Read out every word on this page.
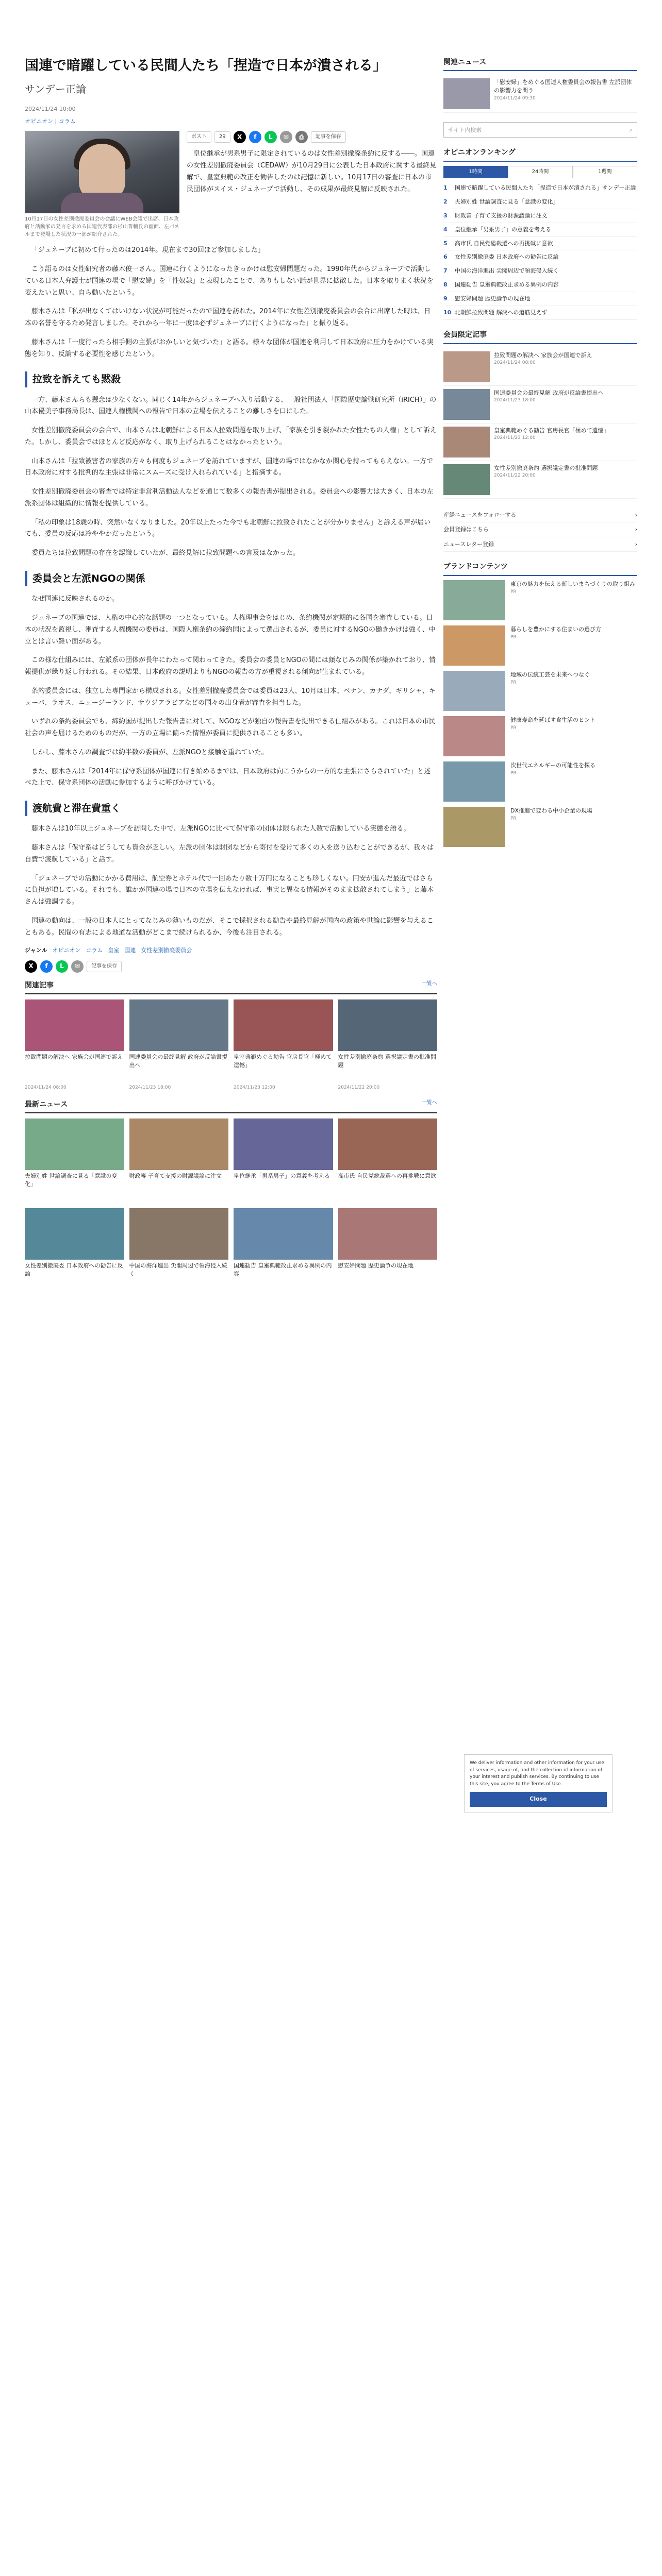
国連で暗躍している民間人たち「捏造で日本が潰される」
サンデー正論
2024/11/24 10:00
オピニオン | コラム
10月17日の女性差別撤廃委員会の会議にWEB会議で出席、日本政府と活動家の発言を求める国連代表部の杉山晋輔氏の画面、左パネルまで登場した状況の一部が紹介された。
ポスト	29	X	f	L	✉	⎙	記事を保存

皇位継承が男系男子に限定されているのは女性差別撤廃条約に反する――。国連の女性差別撤廃委員会（CEDAW）が10月29日に公表した日本政府に関する最終見解で、皇室典範の改正を勧告したのは記憶に新しい。10月17日の審査に日本の市民団体がスイス・ジュネーブで活動し、その成果が最終見解に反映された。

「ジュネーブに初めて行ったのは2014年。現在まで30回ほど参加しました」

こう語るのは女性研究者の藤木俊一さん。国連に行くようになったきっかけは慰安婦問題だった。1990年代からジュネーブで活動している日本人弁護士が国連の場で「慰安婦」を「性奴隷」と表現したことで、ありもしない話が世界に拡散した。日本を取りまく状況を変えたいと思い、自ら動いたという。

藤木さんは「私が出なくてはいけない状況が可能だったので国連を訪れた。2014年に女性差別撤廃委員会の会合に出席した時は、日本の名誉を守るため発言しました。それから一年に一度は必ずジュネーブに行くようになった」と振り返る。

藤木さんは「一度行ったら相手側の主張がおかしいと気づいた」と語る。様々な団体が国連を利用して日本政府に圧力をかけている実態を知り、反論する必要性を感じたという。

拉致を訴えても黙殺

一方、藤木さんらも懸念は少なくない。同じく14年からジュネーブへ入り活動する、一般社団法人「国際歴史論戦研究所（iRICH）」の山本優美子事務局長は、国連人権機関への報告で日本の立場を伝えることの難しさを口にした。

女性差別撤廃委員会の会合で、山本さんは北朝鮮による日本人拉致問題を取り上げ、「家族を引き裂かれた女性たちの人権」として訴えた。しかし、委員会ではほとんど反応がなく、取り上げられることはなかったという。

山本さんは「拉致被害者の家族の方々も何度もジュネーブを訪れていますが、国連の場ではなかなか関心を持ってもらえない。一方で日本政府に対する批判的な主張は非常にスムーズに受け入れられている」と指摘する。

女性差別撤廃委員会の審査では特定非営利活動法人などを通じて数多くの報告書が提出される。委員会への影響力は大きく、日本の左派系団体は組織的に情報を提供している。

「私の印象は18歳の時、突然いなくなりました。20年以上たった今でも北朝鮮に拉致されたことが分かりません」と訴える声が届いても、委員の反応は冷ややかだったという。

委員たちは拉致問題の存在を認識していたが、最終見解に拉致問題への言及はなかった。

委員会と左派NGOの関係

なぜ国連に反映されるのか。

ジュネーブの国連では、人権の中心的な話題の一つとなっている。人権理事会をはじめ、条約機関が定期的に各国を審査している。日本の状況を監視し、審査する人権機関の委員は、国際人権条約の締約国によって選出されるが、委員に対するNGOの働きかけは強く、中立とは言い難い面がある。

この様な仕組みには、左派系の団体が長年にわたって関わってきた。委員会の委員とNGOの間には顔なじみの関係が築かれており、情報提供が繰り返し行われる。その結果、日本政府の説明よりもNGOの報告の方が重視される傾向が生まれている。

条約委員会には、独立した専門家から構成される。女性差別撤廃委員会では委員は23人、10月は日本、ベナン、カナダ、ギリシャ、キューバ、ラオス、ニュージーランド、サウジアラビアなどの国々の出身者が審査を担当した。

いずれの条約委員会でも、締約国が提出した報告書に対して、NGOなどが独自の報告書を提出できる仕組みがある。これは日本の市民社会の声を届けるためのものだが、一方の立場に偏った情報が委員に提供されることも多い。

しかし、藤木さんの調査では約半数の委員が、左派NGOと接触を重ねていた。

また、藤木さんは「2014年に保守系団体が国連に行き始めるまでは、日本政府は向こうからの一方的な主張にさらされていた」と述べた上で、保守系団体の活動に参加するように呼びかけている。

渡航費と滞在費重く

藤木さんは10年以上ジュネーブを訪問した中で、左派NGOに比べて保守系の団体は限られた人数で活動している実態を語る。

藤木さんは「保守系はどうしても資金が乏しい。左派の団体は財団などから寄付を受けて多くの人を送り込むことができるが、我々は自費で渡航している」と話す。

「ジュネーブでの活動にかかる費用は、航空券とホテル代で一回あたり数十万円になることも珍しくない。円安が進んだ最近ではさらに負担が増している。それでも、誰かが国連の場で日本の立場を伝えなければ、事実と異なる情報がそのまま拡散されてしまう」と藤木さんは強調する。

国連の動向は、一般の日本人にとってなじみの薄いものだが、そこで採択される勧告や最終見解が国内の政策や世論に影響を与えることもある。民間の有志による地道な活動がどこまで続けられるか、今後も注目される。

ジャンル オピニオン コラム 皇室 国連 女性差別撤廃委員会
X	f	L	✉	記事を保存
関連記事	一覧へ
拉致問題の解決へ 家族会が国連で訴え
2024/11/24 08:00
国連委員会の最終見解 政府が反論書提出へ
2024/11/23 18:00
皇室典範めぐる勧告 官房長官「極めて遺憾」
2024/11/23 12:00
女性差別撤廃条約 選択議定書の批准問題
2024/11/22 20:00
最新ニュース	一覧へ
夫婦別姓 世論調査に見る「意識の変化」
財政審 子育て支援の財源議論に注文	皇位継承「男系男子」の意義を考える	高市氏 自民党総裁選への再挑戦に意欲
女性差別撤廃委 日本政府への勧告に反論
中国の海洋進出 尖閣周辺で領海侵入続く
国連勧告 皇室典範改正求める異例の内容
慰安婦問題 歴史論争の現在地
関連ニュース
「慰安婦」をめぐる国連人権委員会の報告書 左派団体の影響力を問う
2024/11/24 09:30
サイト内検索	⌕
オピニオンランキング
1時間	24時間	1週間
1	国連で暗躍している民間人たち「捏造で日本が潰される」サンデー正論
2	夫婦別姓 世論調査に見る「意識の変化」
3	財政審 子育て支援の財源議論に注文
4	皇位継承「男系男子」の意義を考える
5	高市氏 自民党総裁選への再挑戦に意欲
6	女性差別撤廃委 日本政府への勧告に反論
7	中国の海洋進出 尖閣周辺で領海侵入続く
8	国連勧告 皇室典範改正求める異例の内容
9	慰安婦問題 歴史論争の現在地
10 北朝鮮拉致問題 解決への道筋見えず
会員限定記事
拉致問題の解決へ 家族会が国連で訴え
2024/11/24 08:00
国連委員会の最終見解 政府が反論書提出へ
2024/11/23 18:00
皇室典範めぐる勧告 官房長官「極めて遺憾」
2024/11/23 12:00
女性差別撤廃条約 選択議定書の批准問題
2024/11/22 20:00
産経ニュースをフォローする	›
会員登録はこちら	›
ニュースレター登録	›
ブランドコンテンツ
東京の魅力を伝える新しいまちづくりの取り組み
PR
暮らしを豊かにする住まいの選び方
PR
地域の伝統工芸を未来へつなぐ
PR
健康寿命を延ばす食生活のヒント
PR
次世代エネルギーの可能性を探る
PR
DX推進で変わる中小企業の現場
PR
We deliver information and other information for your use of services, usage of, and the collection of information of your interest and publish services. By continuing to use this site, you agree to the Terms of Use.
Close
